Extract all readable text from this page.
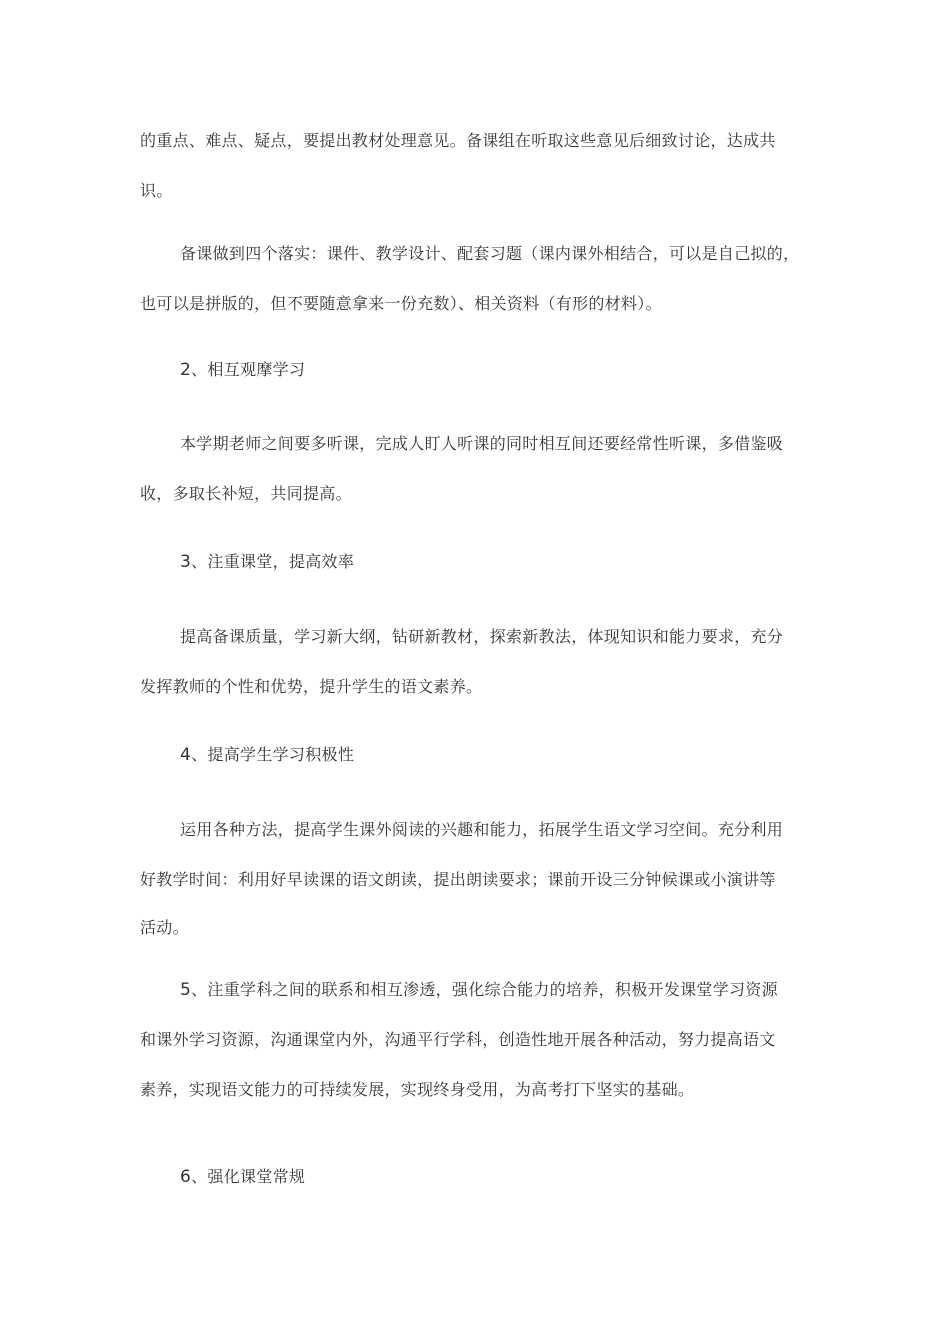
的重点、难点、疑点，要提出教材处理意见。备课组在听取这些意见后细致讨论，达成共
识。
备课做到四个落实：课件、教学设计、配套习题（课内课外相结合，可以是自己拟的，
也可以是拼版的，但不要随意拿来一份充数）、相关资料（有形的材料）。
2、相互观摩学习
本学期老师之间要多听课，完成人盯人听课的同时相互间还要经常性听课，多借鉴吸
收，多取长补短，共同提高。
3、注重课堂，提高效率
提高备课质量，学习新大纲，钻研新教材，探索新教法，体现知识和能力要求，充分
发挥教师的个性和优势，提升学生的语文素养。
4、提高学生学习积极性
运用各种方法，提高学生课外阅读的兴趣和能力，拓展学生语文学习空间。充分利用
好教学时间：利用好早读课的语文朗读，提出朗读要求；课前开设三分钟候课或小演讲等
活动。
5、注重学科之间的联系和相互渗透，强化综合能力的培养，积极开发课堂学习资源
和课外学习资源，沟通课堂内外，沟通平行学科，创造性地开展各种活动，努力提高语文
素养，实现语文能力的可持续发展，实现终身受用，为高考打下坚实的基础。
6、强化课堂常规
